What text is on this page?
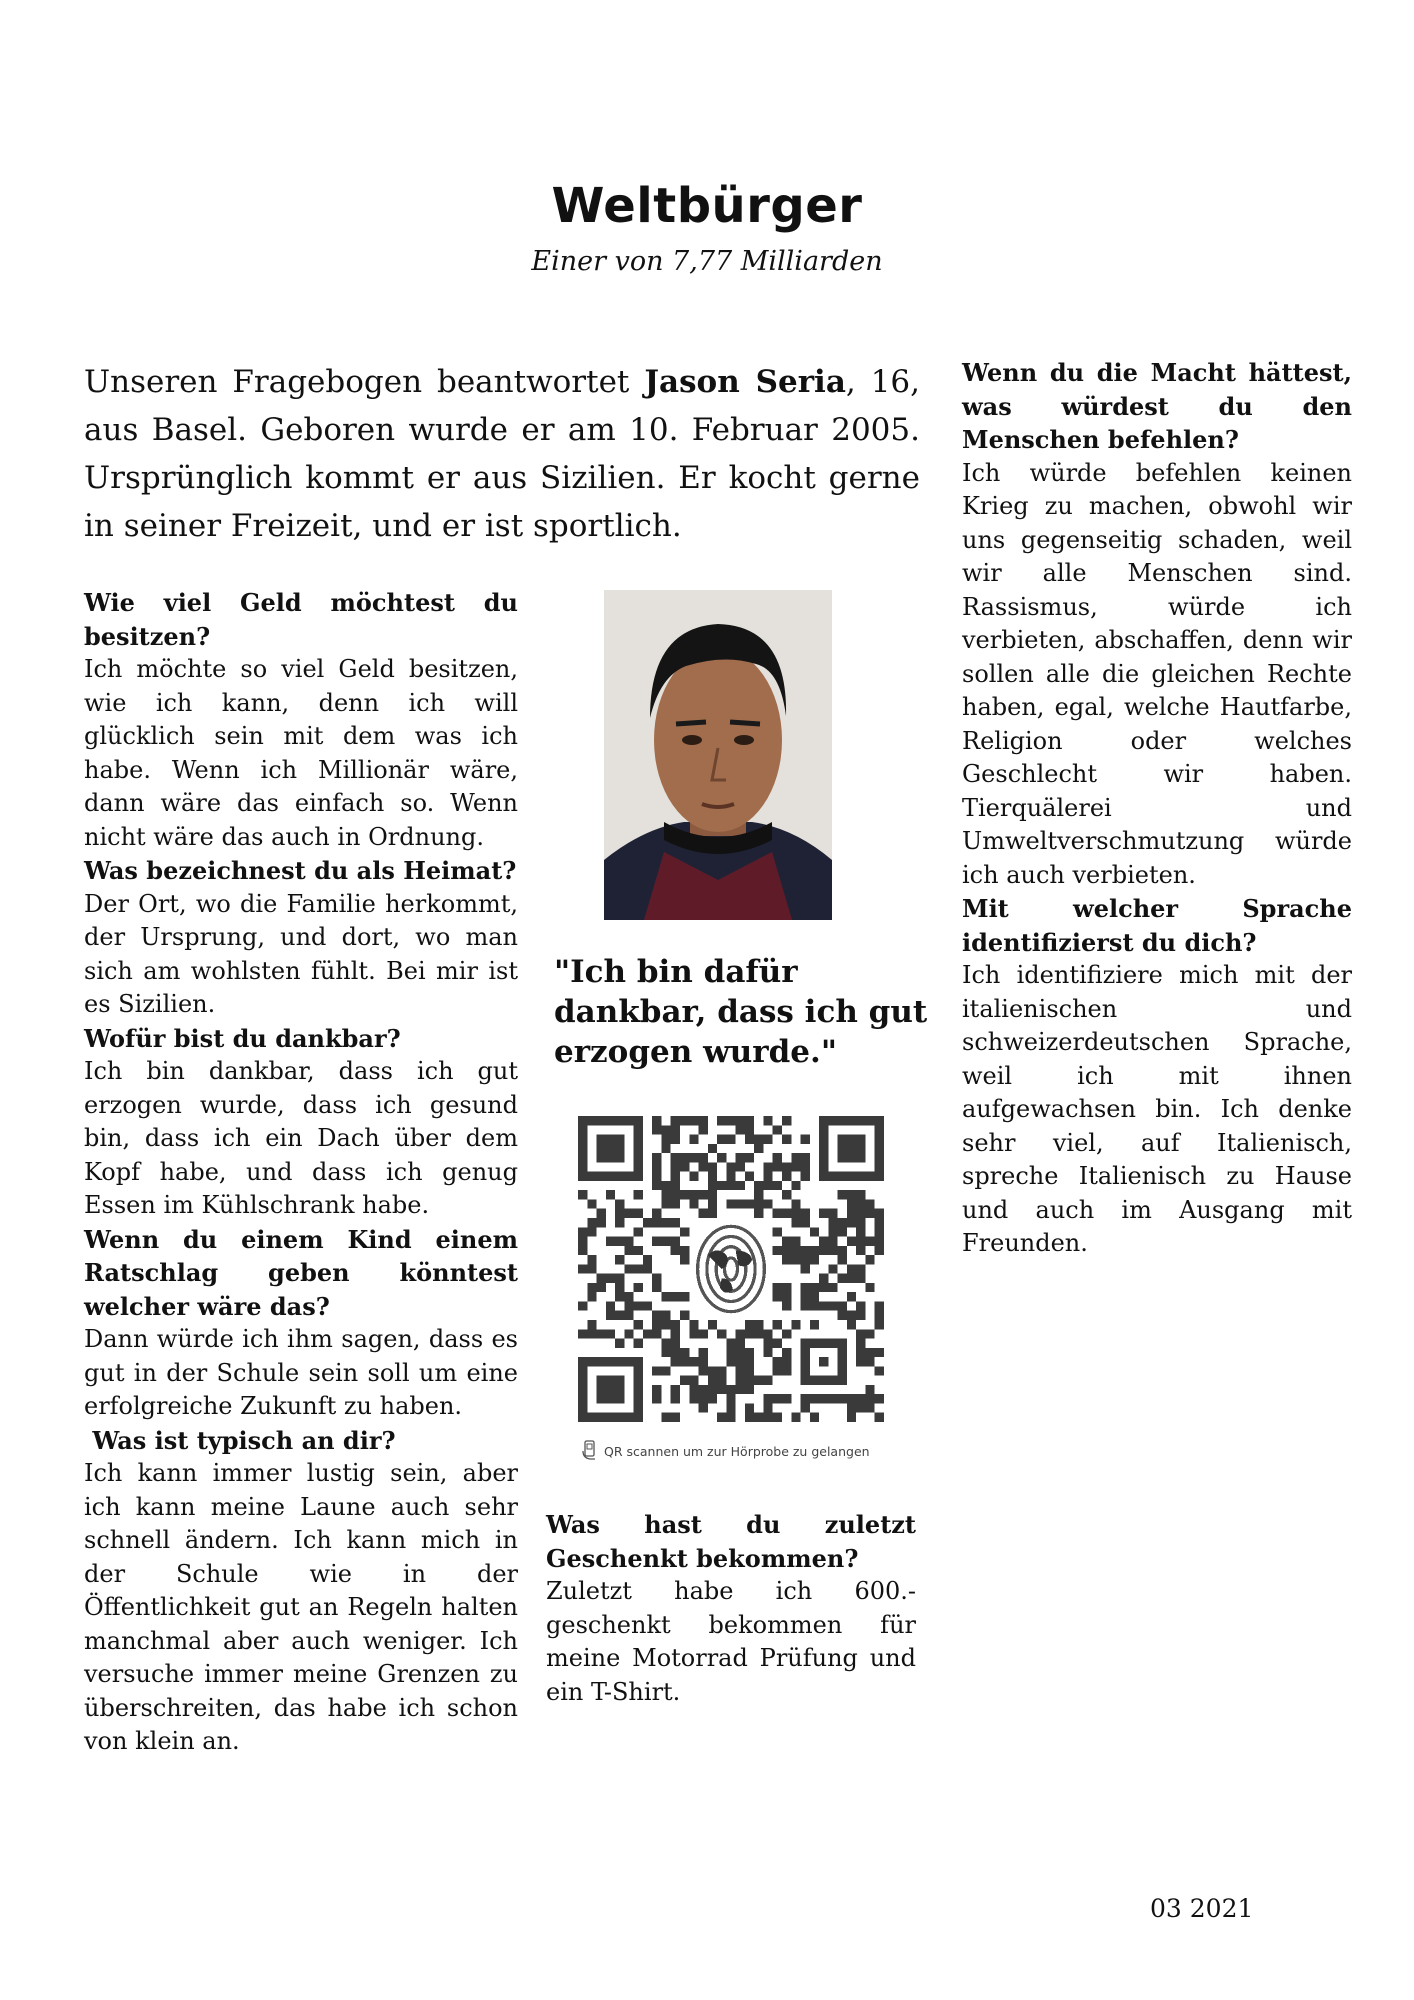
Weltbürger
Einer von 7,77 Milliarden
Unseren Fragebogen beantwortet Jason Seria, 16, aus Basel. Geboren wurde er am 10. Februar 2005. Ursprünglich kommt er aus Sizilien. Er kocht gerne in seiner Freizeit, und er ist sportlich.
Wie viel Geld möchtest du besitzen?
Ich möchte so viel Geld besitzen, wie ich kann, denn ich will glücklich sein mit dem was ich habe. Wenn ich Millionär wäre, dann wäre das einfach so. Wenn nicht wäre das auch in Ordnung.
Was bezeichnest du als Heimat?
Der Ort, wo die Familie herkommt, der Ursprung, und dort, wo man sich am wohlsten fühlt. Bei mir ist es Sizilien.
Wofür bist du dankbar?
Ich bin dankbar, dass ich gut erzogen wurde, dass ich gesund bin, dass ich ein Dach über dem Kopf habe, und dass ich genug Essen im Kühlschrank habe.
Wenn du einem Kind einem Ratschlag geben könntest welcher wäre das?
Dann würde ich ihm sagen, dass es gut in der Schule sein soll um eine erfolgreiche Zukunft zu haben.
Was ist typisch an dir?
Ich kann immer lustig sein, aber ich kann meine Laune auch sehr schnell ändern. Ich kann mich in der Schule wie in der Öffentlichkeit gut an Regeln halten manchmal aber auch weniger. Ich versuche immer meine Grenzen zu überschreiten, das habe ich schon von klein an.
"Ich bin dafür dankbar, dass ich gut erzogen wurde."
QR scannen um zur Hörprobe zu gelangen
Was hast du zuletzt Geschenkt bekommen?
Zuletzt habe ich 600.- geschenkt bekommen für meine Motorrad Prüfung und ein T-Shirt.
Wenn du die Macht hättest, was würdest du den Menschen befehlen?
Ich würde befehlen keinen Krieg zu machen, obwohl wir uns gegenseitig schaden, weil wir alle Menschen sind. Rassismus, würde ich verbieten, abschaffen, denn wir sollen alle die gleichen Rechte haben, egal, welche Hautfarbe, Religion oder welches Geschlecht wir haben. Tierquälerei und Umweltverschmutzung würde ich auch verbieten.
Mit welcher Sprache identifizierst du dich?
Ich identifiziere mich mit der italienischen und schweizerdeutschen Sprache, weil ich mit ihnen aufgewachsen bin. Ich denke sehr viel, auf Italienisch, spreche Italienisch zu Hause und auch im Ausgang mit Freunden.
03 2021
